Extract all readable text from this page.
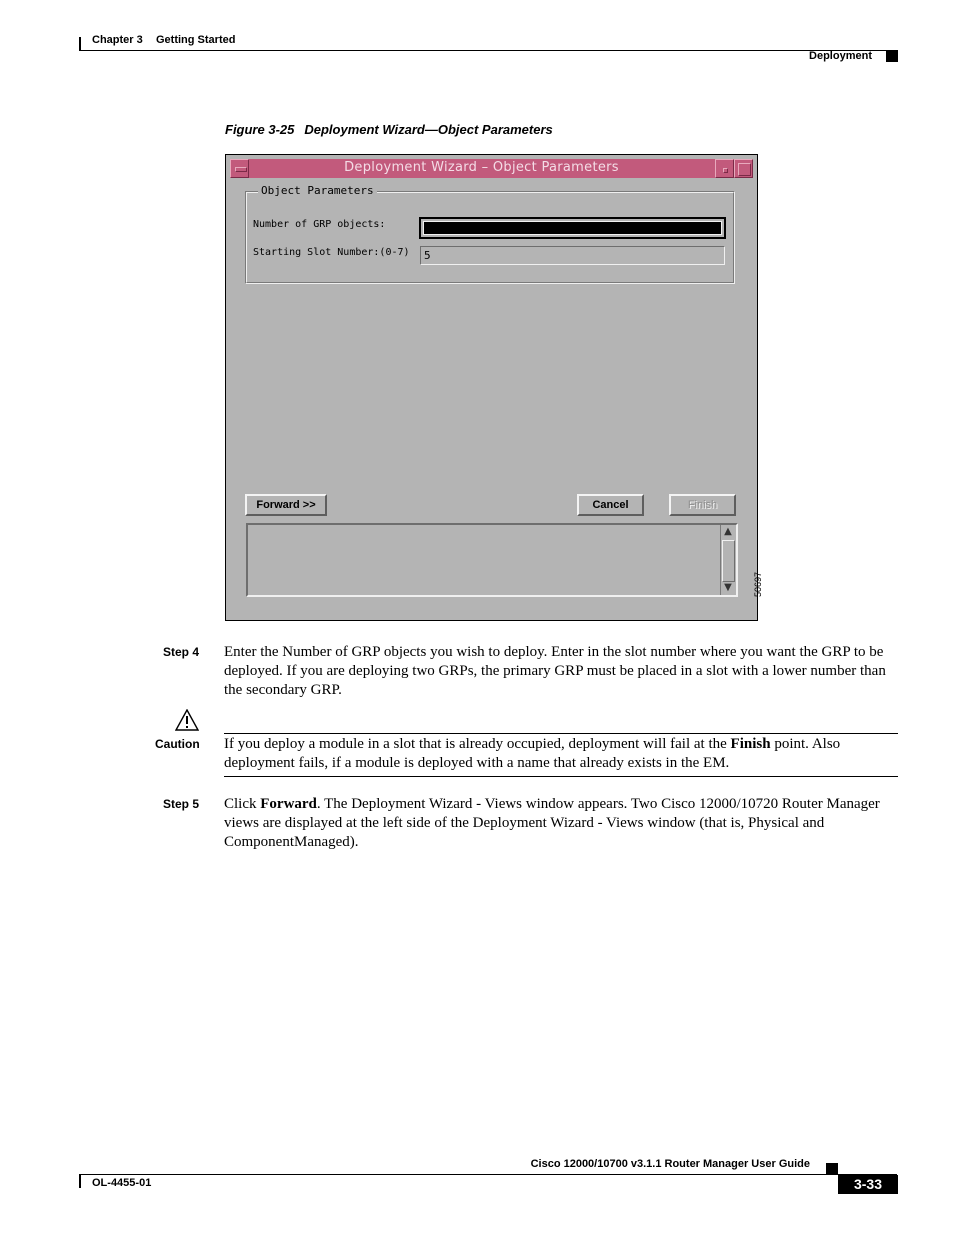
Chapter 3 Getting Started
Deployment
Figure 3-25 Deployment Wizard—Object Parameters
Deployment Wizard – Object Parameters
Object Parameters
Number of GRP objects:	1
Starting Slot Number:(0-7)	5
Forward >>	Cancel	Finish
▲
▼ 50697
Step 4 Enter the Number of GRP objects you wish to deploy. Enter in the slot number where you want the GRP to be deployed. If you are deploying two GRPs, the primary GRP must be placed in a slot with a lower number than the secondary GRP.
Caution If you deploy a module in a slot that is already occupied, deployment will fail at the Finish point. Also deployment fails, if a module is deployed with a name that already exists in the EM.
Step 5 Click Forward. The Deployment Wizard - Views window appears. Two Cisco 12000/10720 Router Manager views are displayed at the left side of the Deployment Wizard - Views window (that is, Physical and ComponentManaged).
Cisco 12000/10700 v3.1.1 Router Manager User Guide
OL-4455-01	3-33
